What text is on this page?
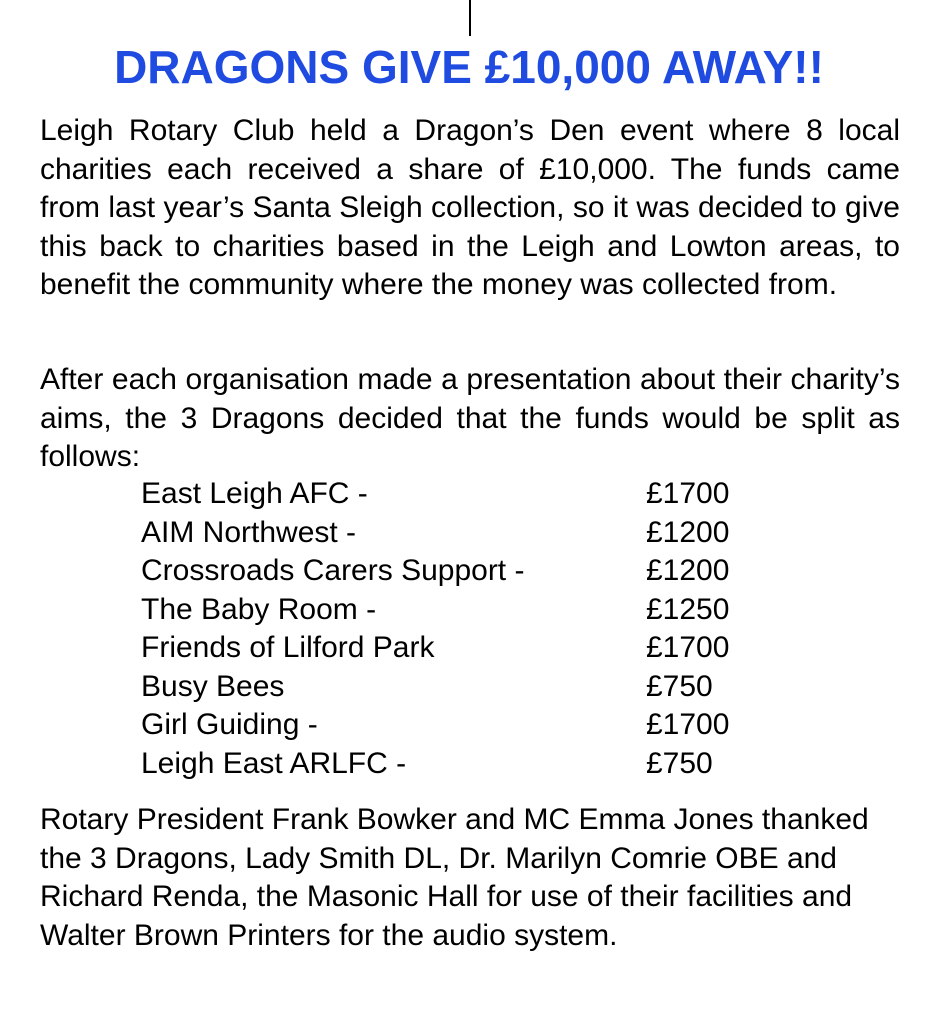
DRAGONS GIVE £10,000 AWAY!!

Leigh Rotary Club held a Dragon’s Den event where 8 local charities each received a share of £10,000. The funds came from last year’s Santa Sleigh collection, so it was decided to give this back to charities based in the Leigh and Lowton areas, to benefit the community where the money was collected from.

After each organisation made a presentation about their charity’s aims, the 3 Dragons decided that the funds would be split as follows:

East Leigh AFC -	£1700
AIM Northwest -	£1200
Crossroads Carers Support -	£1200
The Baby Room -	£1250
Friends of Lilford Park	£1700
Busy Bees	£750
Girl Guiding -	£1700
Leigh East ARLFC -	£750

Rotary President Frank Bowker and MC Emma Jones thanked the 3 Dragons, Lady Smith DL, Dr. Marilyn Comrie OBE and Richard Renda, the Masonic Hall for use of their facilities and Walter Brown Printers for the audio system.
